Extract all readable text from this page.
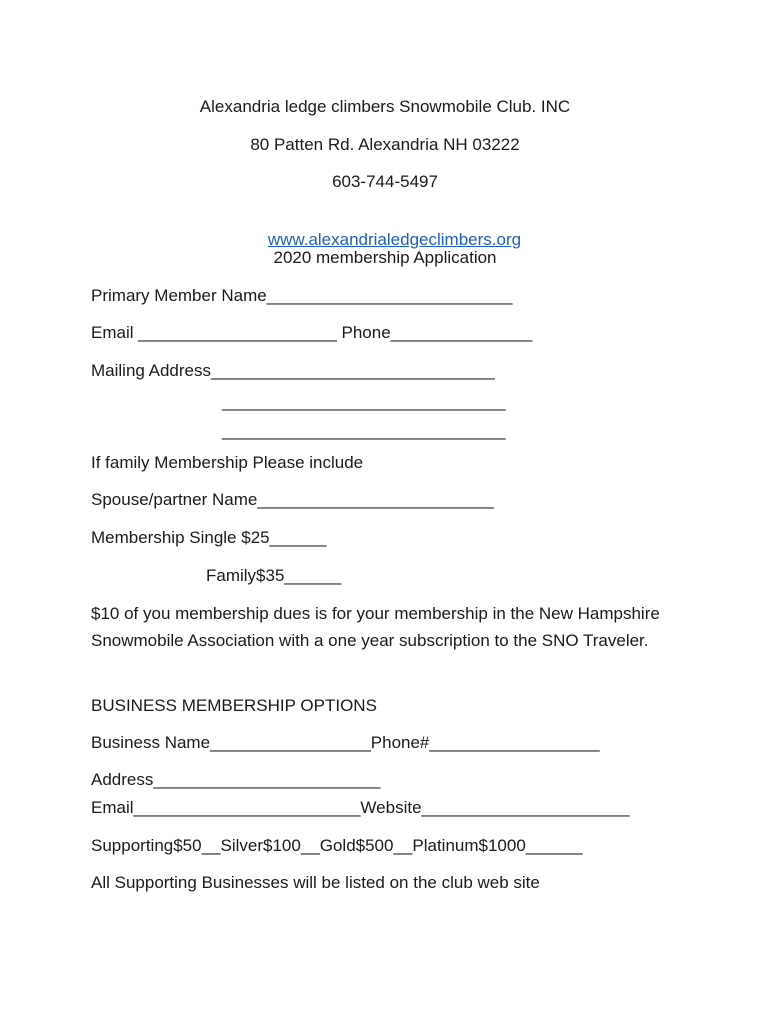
Alexandria ledge climbers Snowmobile Club. INC
80 Patten Rd. Alexandria NH 03222
603-744-5497

www.alexandrialedgeclimbers.org

2020 membership Application
Primary Member Name__________________________
Email _____________________ Phone_______________
Mailing Address______________________________
______________________________
______________________________
If family Membership Please include
Spouse/partner Name_________________________
Membership Single $25______
Family$35______
$10 of you membership dues is for your membership in the New Hampshire Snowmobile Association with a one year subscription to the SNO Traveler.
BUSINESS MEMBERSHIP OPTIONS
Business Name_________________Phone#__________________
Address________________________
Email________________________Website______________________
Supporting$50__Silver$100__Gold$500__Platinum$1000______
All Supporting Businesses will be listed on the club web site
